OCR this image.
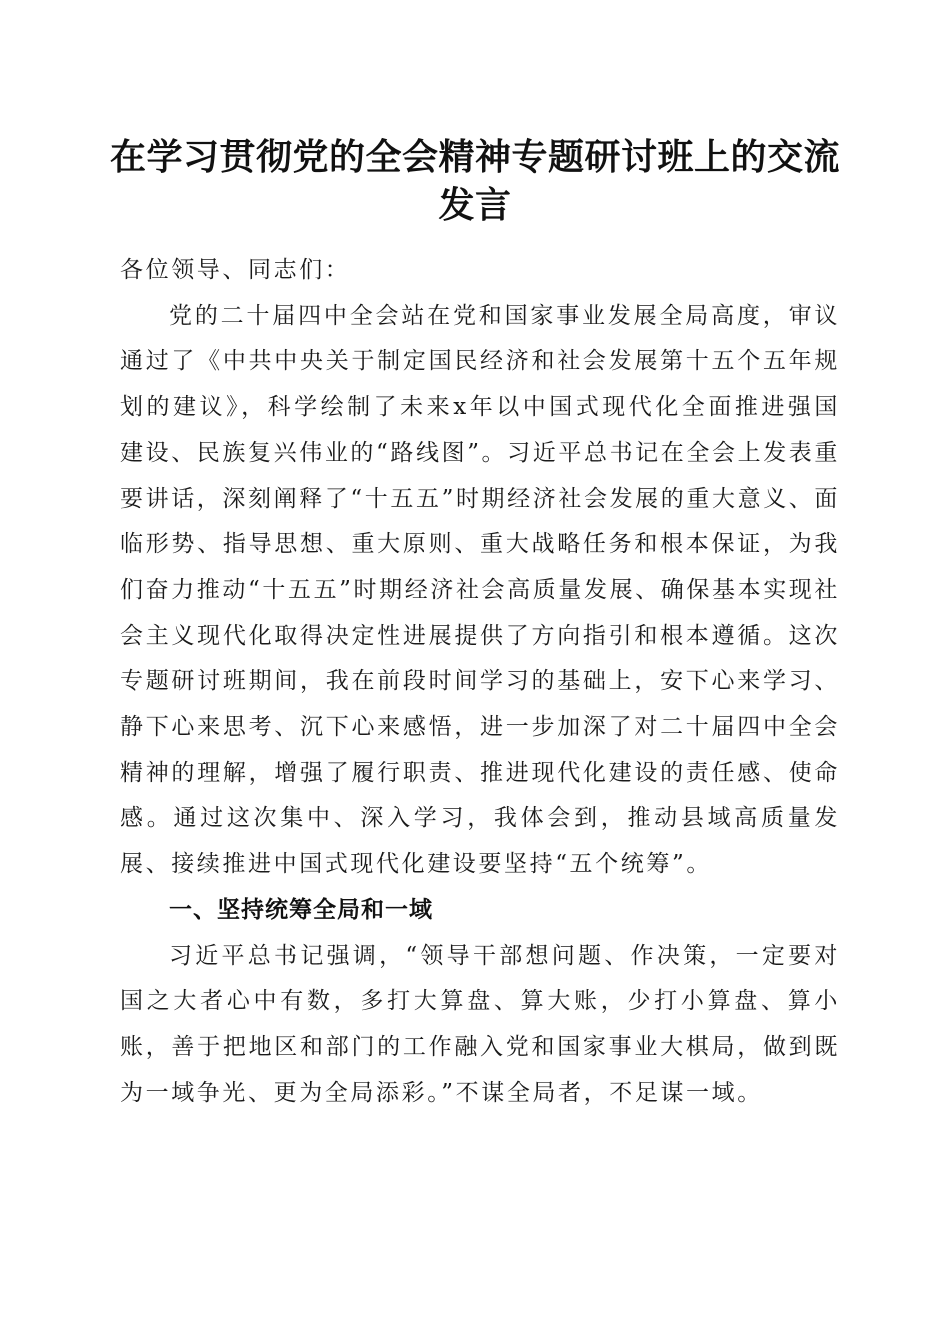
在学习贯彻党的全会精神专题研讨班上的交流
发言

各位领导、同志们：

党的二十届四中全会站在党和国家事业发展全局高度，审议通过了《中共中央关于制定国民经济和社会发展第十五个五年规划的建议》，科学绘制了未来x年以中国式现代化全面推进强国建设、民族复兴伟业的“路线图”。习近平总书记在全会上发表重要讲话，深刻阐释了“十五五”时期经济社会发展的重大意义、面临形势、指导思想、重大原则、重大战略任务和根本保证，为我们奋力推动“十五五”时期经济社会高质量发展、确保基本实现社会主义现代化取得决定性进展提供了方向指引和根本遵循。这次专题研讨班期间，我在前段时间学习的基础上，安下心来学习、静下心来思考、沉下心来感悟，进一步加深了对二十届四中全会精神的理解，增强了履行职责、推进现代化建设的责任感、使命感。通过这次集中、深入学习，我体会到，推动县域高质量发展、接续推进中国式现代化建设要坚持“五个统筹”。

一、坚持统筹全局和一域

习近平总书记强调，“领导干部想问题、作决策，一定要对国之大者心中有数，多打大算盘、算大账，少打小算盘、算小账，善于把地区和部门的工作融入党和国家事业大棋局，做到既为一域争光、更为全局添彩。”不谋全局者，不足谋一域。
